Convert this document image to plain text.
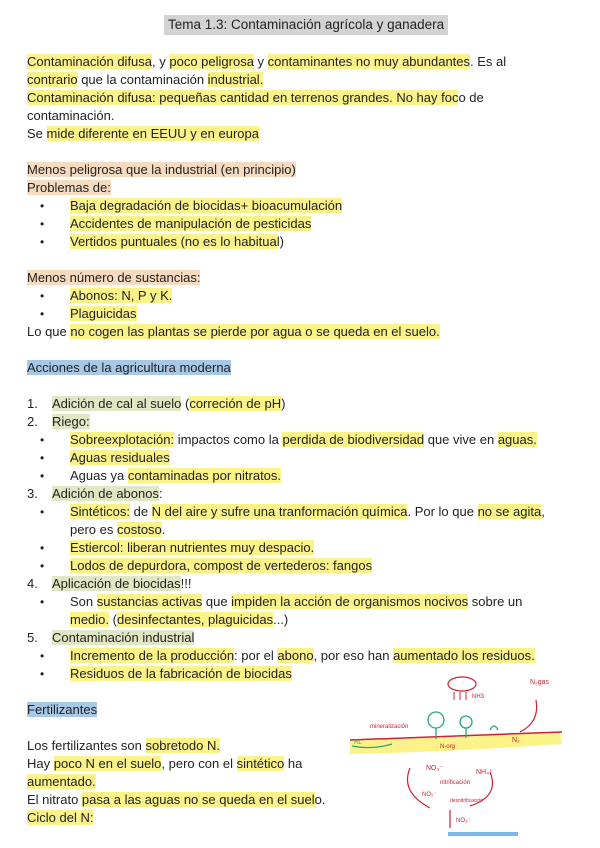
Tema 1.3: Contaminación agrícola y ganadera
Contaminación difusa, y poco peligrosa y contaminantes no muy abundantes. Es al
contrario que la contaminación industrial.
Contaminación difusa: pequeñas cantidad en terrenos grandes. No hay foco de
contaminación.
Se mide diferente en EEUU y en europa
Menos peligrosa que la industrial (en principio)
Problemas de:
• Baja degradación de biocidas+ bioacumulación
• Accidentes de manipulación de pesticidas
• Vertidos puntuales (no es lo habitual)
Menos número de sustancias:
• Abonos: N, P y K.
• Plaguicidas
Lo que no cogen las plantas se pierde por agua o se queda en el suelo.
Acciones de la agricultura moderna
1. Adición de cal al suelo (correción de pH)
2. Riego:
• Sobreexplotación: impactos como la perdida de biodiversidad que vive en aguas.
• Aguas residuales
• Aguas ya contaminadas por nitratos.
3. Adición de abonos:
• Sintéticos: de N del aire y sufre una tranformación química. Por lo que no se agita,
pero es costoso.
• Estiercol: liberan nutrientes muy despacio.
• Lodos de depurdora, compost de vertederos: fangos
4. Aplicación de biocidas!!!
• Son sustancias activas que impiden la acción de organismos nocivos sobre un
medio. (desinfectantes, plaguicidas...)
5. Contaminación industrial
• Incremento de la producción: por el abono, por eso han aumentado los residuos.
• Residuos de la fabricación de biocidas
Fertilizantes
Los fertilizantes son sobretodo N.
Hay poco N en el suelo, pero con el sintético ha
aumentado.
El nitrato pasa a las aguas no se queda en el suelo.
Ciclo del N:
N₂gas
NH3
mineralización
RL
N-org
N₂
NO₃⁻
NH₄⁺
nitrificación
NO₂⁻
desnitrificación
NO₃⁻
